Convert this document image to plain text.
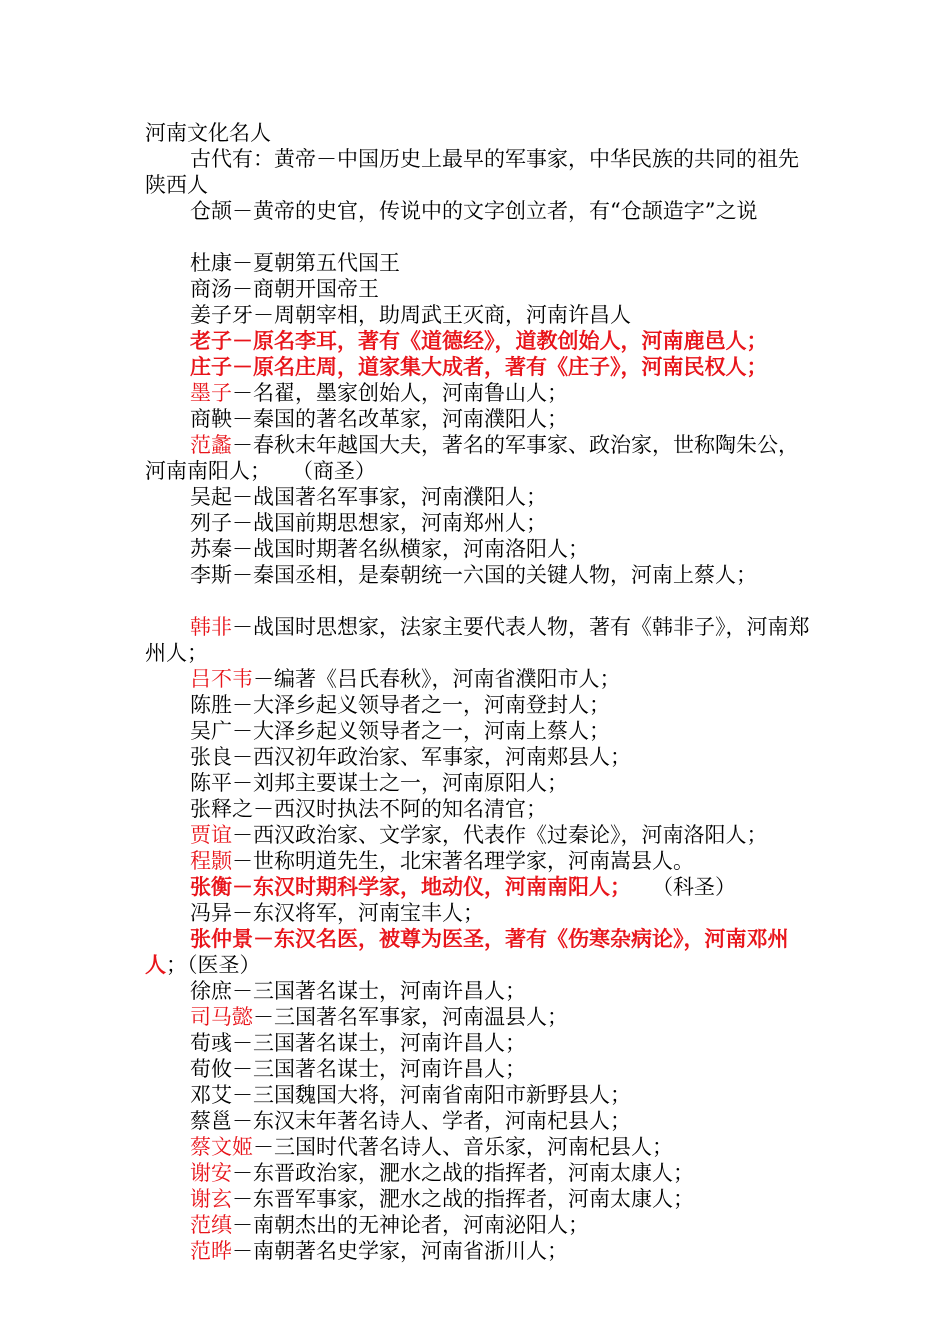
河南文化名人

古代有：黄帝－中国历史上最早的军事家，中华民族的共同的祖先　　陕西人

仓颉－黄帝的史官，传说中的文字创立者，有“仓颉造字”之说

杜康－夏朝第五代国王

商汤－商朝开国帝王

姜子牙－周朝宰相，助周武王灭商，河南许昌人

老子－原名李耳，著有《道德经》，道教创始人，河南鹿邑人；

庄子－原名庄周，道家集大成者，著有《庄子》，河南民权人；

墨子－名翟，墨家创始人，河南鲁山人；

商鞅－秦国的著名改革家，河南濮阳人；

范蠡－春秋末年越国大夫，著名的军事家、政治家，世称陶朱公，河南南阳人；　　（商圣）

吴起－战国著名军事家，河南濮阳人；

列子－战国前期思想家，河南郑州人；

苏秦－战国时期著名纵横家，河南洛阳人；

李斯－秦国丞相，是秦朝统一六国的关键人物，河南上蔡人；

韩非－战国时思想家，法家主要代表人物，著有《韩非子》，河南郑州人；

吕不韦－编著《吕氏春秋》，河南省濮阳市人；

陈胜－大泽乡起义领导者之一，河南登封人；

吴广－大泽乡起义领导者之一，河南上蔡人；

张良－西汉初年政治家、军事家，河南郏县人；

陈平－刘邦主要谋士之一，河南原阳人；

张释之－西汉时执法不阿的知名清官；

贾谊－西汉政治家、文学家，代表作《过秦论》，河南洛阳人；

程颢－世称明道先生，北宋著名理学家，河南嵩县人。

张衡－东汉时期科学家，地动仪，河南南阳人；　　（科圣）

冯异－东汉将军，河南宝丰人；

张仲景－东汉名医，被尊为医圣，著有《伤寒杂病论》，河南邓州人；（医圣）

徐庶－三国著名谋士，河南许昌人；

司马懿－三国著名军事家，河南温县人；

荀彧－三国著名谋士，河南许昌人；

荀攸－三国著名谋士，河南许昌人；

邓艾－三国魏国大将，河南省南阳市新野县人；

蔡邕－东汉末年著名诗人、学者，河南杞县人；

蔡文姬－三国时代著名诗人、音乐家，河南杞县人；

谢安－东晋政治家，淝水之战的指挥者，河南太康人；

谢玄－东晋军事家，淝水之战的指挥者，河南太康人；

范缜－南朝杰出的无神论者，河南泌阳人；

范晔－南朝著名史学家，河南省浙川人；
